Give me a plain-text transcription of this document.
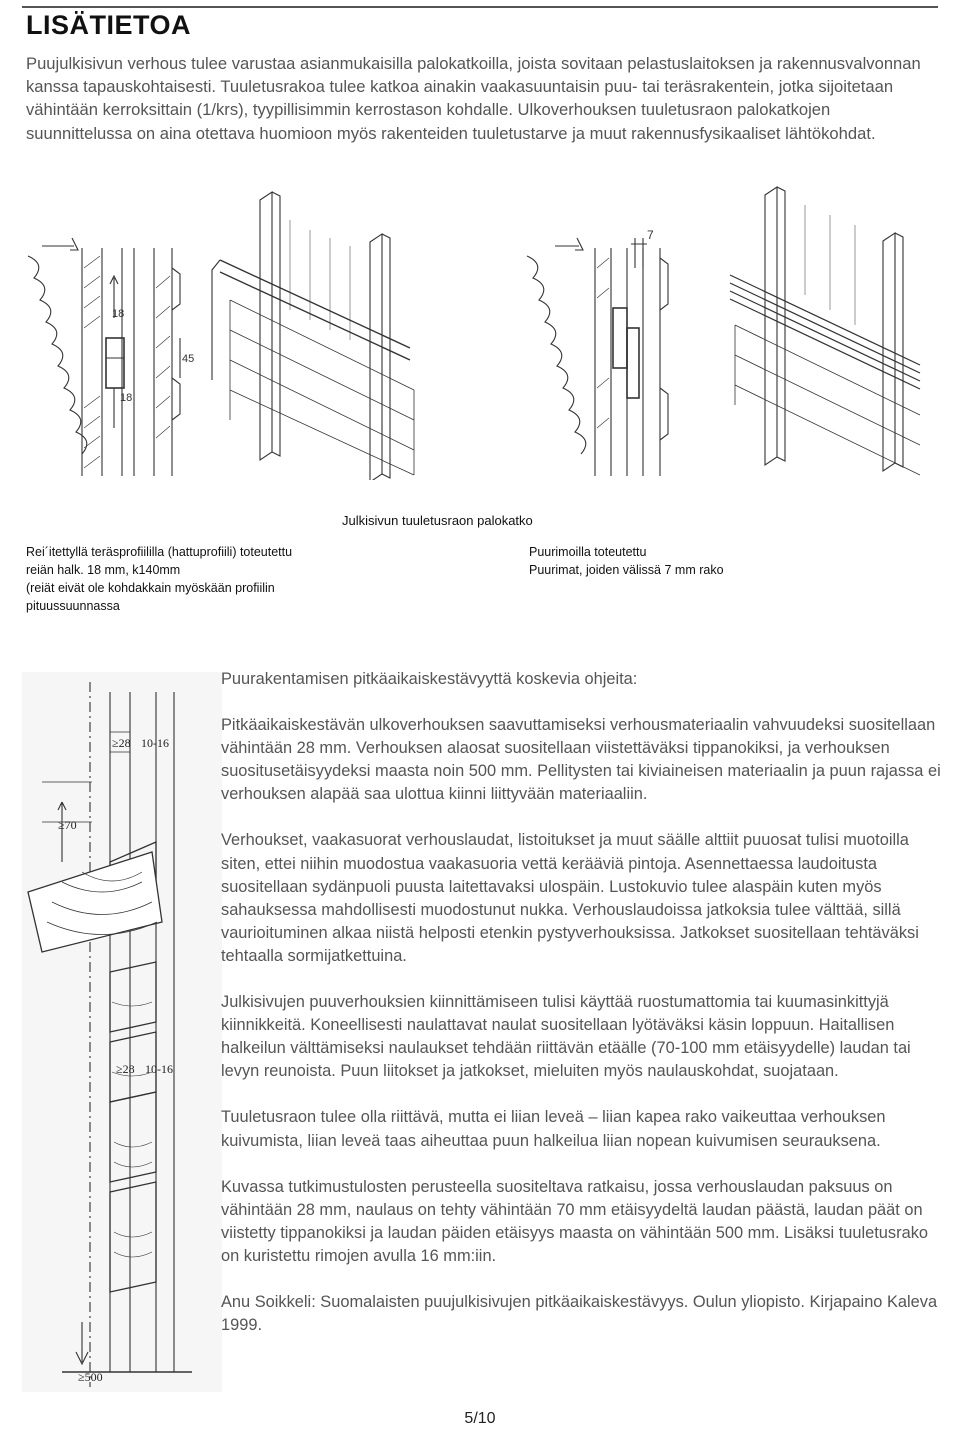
LISÄTIETOA

Puujulkisivun verhous tulee varustaa asianmukaisilla palokatkoilla, joista sovitaan pelastuslaitoksen ja rakennusvalvonnan kanssa tapauskohtaisesti. Tuuletusrakoa tulee katkoa ainakin vaakasuuntaisin puu- tai teräsrakentein, jotka sijoitetaan vähintään kerroksittain (1/krs), tyypillisimmin kerrostason kohdalle. Ulkoverhouksen tuuletusraon palokatkojen suunnittelussa on aina otettava huomioon myös rakenteiden tuuletustarve ja muut rakennusfysikaaliset lähtökohdat.

18
45
18
7
Julkisivun tuuletusraon palokatko

Rei´itettyllä teräsprofiililla (hattuprofiili) toteutettu
reiän halk. 18 mm, k140mm
(reiät eivät ole kohdakkain myöskään profiilin
pituussuunnassa

Puurimoilla toteutettu
Puurimat, joiden välissä 7 mm rako

≥28 10-16
≥70
≥28 10-16
≥500
Puurakentamisen pitkäaikaiskestävyyttä koskevia ohjeita:

Pitkäaikaiskestävän ulkoverhouksen saavuttamiseksi verhousmateriaalin vahvuudeksi suositellaan vähintään 28 mm. Verhouksen alaosat suositellaan viistettäväksi tippanokiksi, ja verhouksen suositusetäisyydeksi maasta noin 500 mm. Pellitysten tai kiviaineisen materiaalin ja puun rajassa ei verhouksen alapää saa ulottua kiinni liittyvään materiaaliin.

Verhoukset, vaakasuorat verhouslaudat, listoitukset ja muut säälle alttiit puuosat tulisi muotoilla siten, ettei niihin muodostua vaakasuoria vettä kerääviä pintoja. Asennettaessa laudoitusta suositellaan sydänpuoli puusta laitettavaksi ulospäin. Lustokuvio tulee alaspäin kuten myös sahauksessa mahdollisesti muodostunut nukka. Verhouslaudoissa jatkoksia tulee välttää, sillä vaurioituminen alkaa niistä helposti etenkin pystyverhouksissa. Jatkokset suositellaan tehtäväksi tehtaalla sormijatkettuina.

Julkisivujen puuverhouksien kiinnittämiseen tulisi käyttää ruostumattomia tai kuumasinkittyjä kiinnikkeitä. Koneellisesti naulattavat naulat suositellaan lyötäväksi käsin loppuun. Haitallisen halkeilun välttämiseksi naulaukset tehdään riittävän etäälle (70-100 mm etäisyydelle) laudan tai levyn reunoista. Puun liitokset ja jatkokset, mieluiten myös naulauskohdat, suojataan.

Tuuletusraon tulee olla riittävä, mutta ei liian leveä – liian kapea rako vaikeuttaa verhouksen kuivumista, liian leveä taas aiheuttaa puun halkeilua liian nopean kuivumisen seurauksena.

Kuvassa tutkimustulosten perusteella suositeltava ratkaisu, jossa verhouslaudan paksuus on vähintään 28 mm, naulaus on tehty vähintään 70 mm etäisyydeltä laudan päästä, laudan päät on viistetty tippanokiksi ja laudan päiden etäisyys maasta on vähintään 500 mm. Lisäksi tuuletusrako on kuristettu rimojen avulla 16 mm:iin.

Anu Soikkeli: Suomalaisten puujulkisivujen pitkäaikaiskestävyys. Oulun yliopisto. Kirjapaino Kaleva 1999.

5/10
